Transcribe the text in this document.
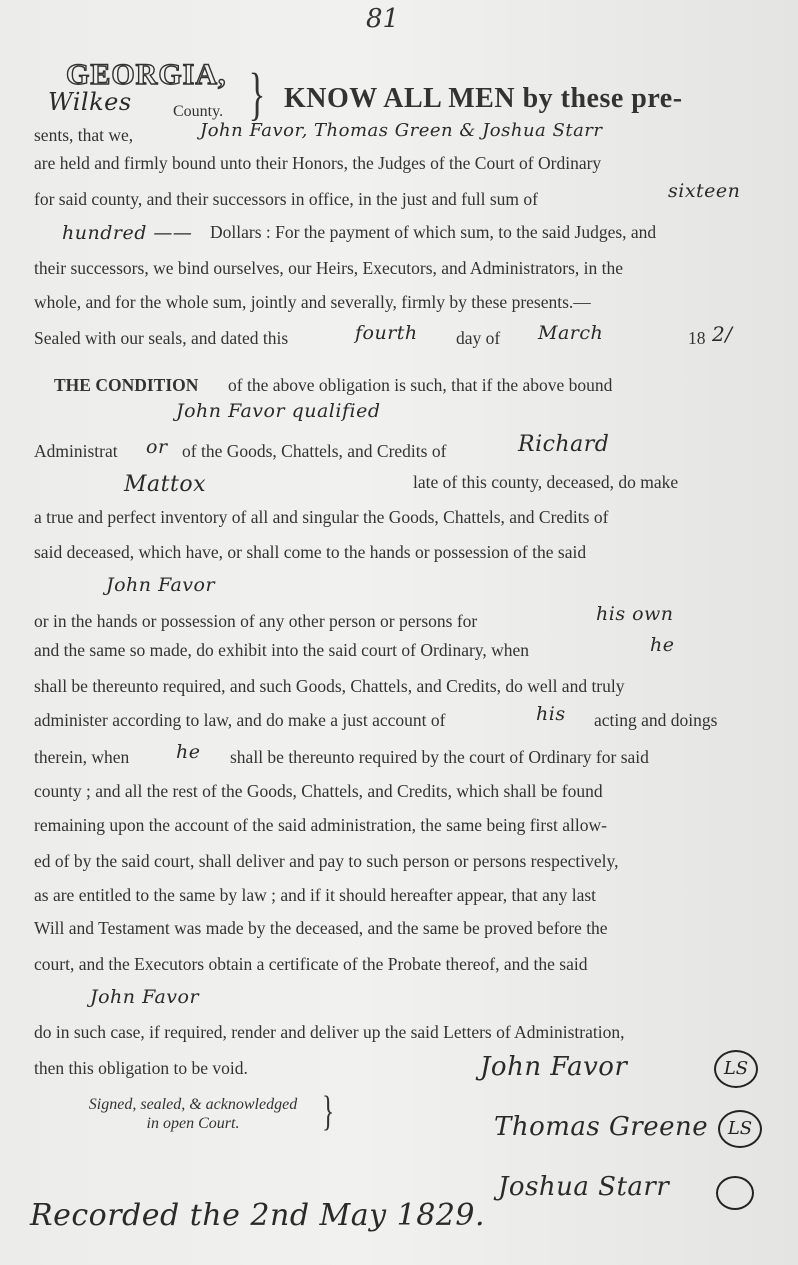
81
GEORGIA,
Wilkes	County. } KNOW ALL MEN by these pre-
sents, that we,	John Favor, Thomas Green & Joshua Starr
are held and firmly bound unto their Honors, the Judges of the Court of Ordinary
for said county, and their successors in office, in the just and full sum of	sixteen
hundred —— Dollars : For the payment of which sum, to the said Judges, and
their successors, we bind ourselves, our Heirs, Executors, and Administrators, in the
whole, and for the whole sum, jointly and severally, firmly by these presents.—
Sealed with our seals, and dated this	fourth day of March	18 2/
THE CONDITION of the above obligation is such, that if the above bound
John Favor qualified
Administrat or of the Goods, Chattels, and Credits of	Richard
Mattox	late of this county, deceased, do make
a true and perfect inventory of all and singular the Goods, Chattels, and Credits of
said deceased, which have, or shall come to the hands or possession of the said
John Favor
or in the hands or possession of any other person or persons for	his own
and the same so made, do exhibit into the said court of Ordinary, when	he
shall be thereunto required, and such Goods, Chattels, and Credits, do well and truly
administer according to law, and do make a just account of	his acting and doings
therein, when he shall be thereunto required by the court of Ordinary for said
county ; and all the rest of the Goods, Chattels, and Credits, which shall be found
remaining upon the account of the said administration, the same being first allow-
ed of by the said court, shall deliver and pay to such person or persons respectively,
as are entitled to the same by law ; and if it should hereafter appear, that any last
Will and Testament was made by the deceased, and the same be proved before the
court, and the Executors obtain a certificate of the Probate thereof, and the said
John Favor
do in such case, if required, render and deliver up the said Letters of Administration,
then this obligation to be void.
Signed, sealed, & acknowledged
in open Court.	}
John Favor	LS
Thomas Greene	LS
Joshua Starr
Recorded the 2nd May 1829.
